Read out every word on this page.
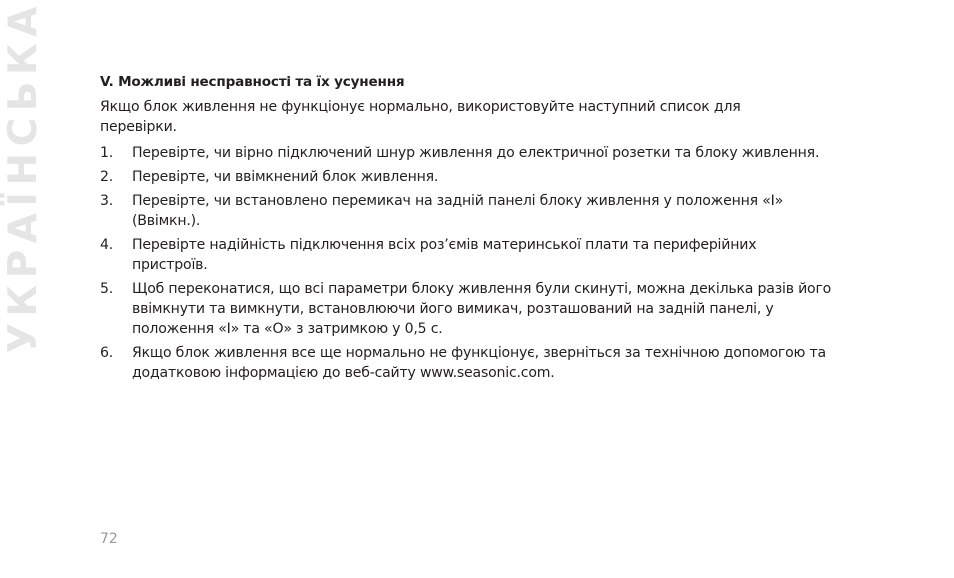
УКРАЇНСЬКА	V. Можливі несправності та їх усунення
Якщо блок живлення не функціонує нормально, використовуйте наступний список для перевірки.
1.	Перевірте, чи вірно підключений шнур живлення до електричної розетки та блоку живлення.
2.	Перевірте, чи ввімкнений блок живлення.
3.	Перевірте, чи встановлено перемикач на задній панелі блоку живлення у положення «I» (Ввімкн.).
4.	Перевірте надійність підключення всіх роз’ємів материнської плати та периферійних пристроїв.
5.	Щоб переконатися, що всі параметри блоку живлення були скинуті, можна декілька разів його ввімкнути та вимкнути, встановлюючи його вимикач, розташований на задній панелі, у положення «I» та «O» з затримкою у 0,5 с.
6.	Якщо блок живлення все ще нормально не функціонує, зверніться за технічною допомогою та додатковою інформацією до веб-сайту www.seasonic.com.
72
